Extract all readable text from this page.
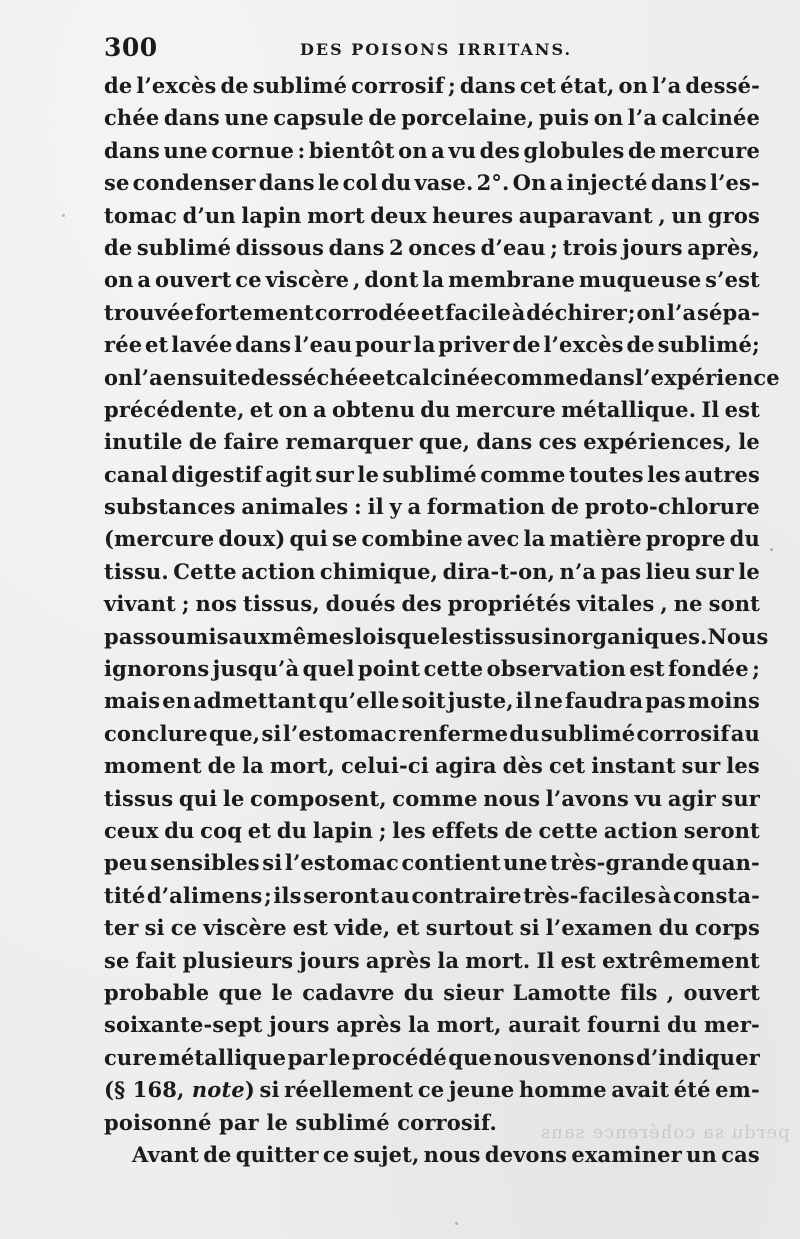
300	DES POISONS IRRITANS.
de l’excès de sublimé corrosif ; dans cet état, on l’a dessé-
chée dans une capsule de porcelaine, puis on l’a calcinée
dans une cornue : bientôt on a vu des globules de mercure
se condenser dans le col du vase. 2°. On a injecté dans l’es-
tomac d’un lapin mort deux heures auparavant , un gros
de sublimé dissous dans 2 onces d’eau ; trois jours après,
on a ouvert ce viscère , dont la membrane muqueuse s’est
trouvée fortement corrodée et facile à déchirer ; on l’a sépa-
rée et lavée dans l’eau pour la priver de l’excès de sublimé;
on l’a ensuite desséchée et calcinée comme dans l’expérience
précédente, et on a obtenu du mercure métallique. Il est
inutile de faire remarquer que, dans ces expériences, le
canal digestif agit sur le sublimé comme toutes les autres
substances animales : il y a formation de proto-chlorure
(mercure doux) qui se combine avec la matière propre du
tissu. Cette action chimique, dira-t-on, n’a pas lieu sur le
vivant ; nos tissus, doués des propriétés vitales , ne sont
pas soumis aux mêmes lois que les tissus inorganiques. Nous
ignorons jusqu’à quel point cette observation est fondée ;
mais en admettant qu’elle soit juste, il ne faudra pas moins
conclure que, si l’estomac renferme du sublimé corrosif au
moment de la mort, celui-ci agira dès cet instant sur les
tissus qui le composent, comme nous l’avons vu agir sur
ceux du coq et du lapin ; les effets de cette action seront
peu sensibles si l’estomac contient une très-grande quan-
tité d’alimens ; ils seront au contraire très-faciles à consta-
ter si ce viscère est vide, et surtout si l’examen du corps
se fait plusieurs jours après la mort. Il est extrêmement
probable que le cadavre du sieur Lamotte fils , ouvert
soixante-sept jours après la mort, aurait fourni du mer-
cure métallique par le procédé que nous venons d’indiquer
(§ 168, note ) si réellement ce jeune homme avait été em-
poisonné par le sublimé corrosif.
Avant de quitter ce sujet, nous devons examiner un cas
perdu sa cohérence sans
